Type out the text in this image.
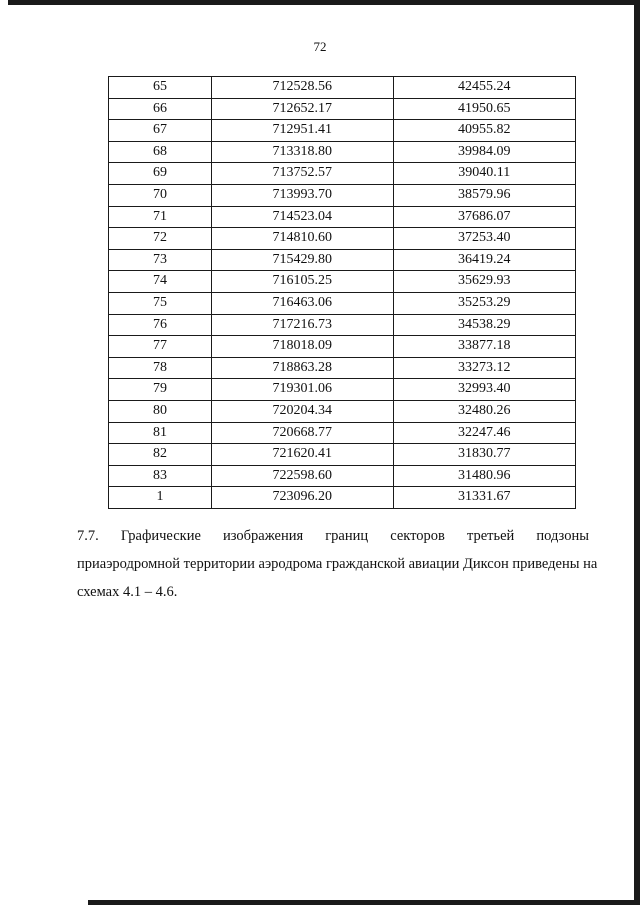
72
65	712528.56	42455.24
66	712652.17	41950.65
67	712951.41	40955.82
68	713318.80	39984.09
69	713752.57	39040.11
70	713993.70	38579.96
71	714523.04	37686.07
72	714810.60	37253.40
73	715429.80	36419.24
74	716105.25	35629.93
75	716463.06	35253.29
76	717216.73	34538.29
77	718018.09	33877.18
78	718863.28	33273.12
79	719301.06	32993.40
80	720204.34	32480.26
81	720668.77	32247.46
82	721620.41	31830.77
83	722598.60	31480.96
1	723096.20	31331.67
7.7. Графические изображения границ секторов третьей подзоны
приаэродромной территории аэродрома гражданской авиации Диксон приведены на
схемах 4.1 – 4.6.
